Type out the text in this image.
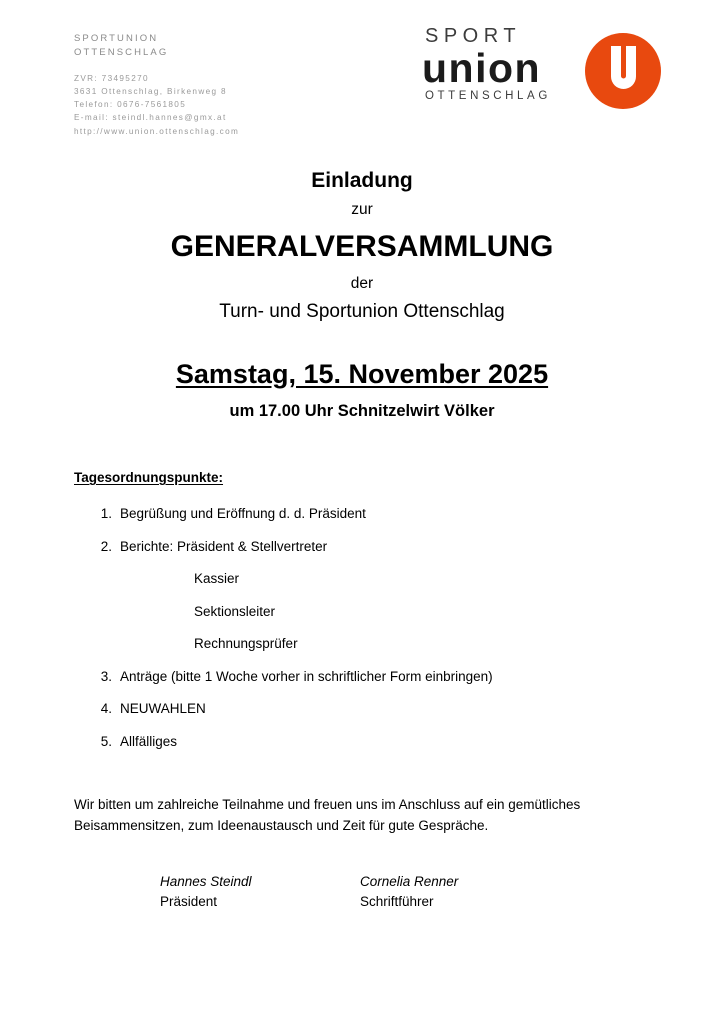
SPORTUNION
OTTENSCHLAG
ZVR: 73495270
3631 Ottenschlag, Birkenweg 8
Telefon: 0676-7561805
E-mail: steindl.hannes@gmx.at
http://www.union.ottenschlag.com
SPORT
union
OTTENSCHLAG
Einladung
zur
GENERALVERSAMMLUNG
der
Turn- und Sportunion Ottenschlag
Samstag, 15. November 2025
um 17.00 Uhr Schnitzelwirt Völker
Tagesordnungspunkte:
1. Begrüßung und Eröffnung d. d. Präsident
2. Berichte: Präsident & Stellvertreter
Kassier
Sektionsleiter
Rechnungsprüfer
3. Anträge (bitte 1 Woche vorher in schriftlicher Form einbringen)
4. NEUWAHLEN
5. Allfälliges
Wir bitten um zahlreiche Teilnahme und freuen uns im Anschluss auf ein gemütliches Beisammensitzen, zum Ideenaustausch und Zeit für gute Gespräche.
Hannes Steindl	Cornelia Renner
Präsident	Schriftführer
